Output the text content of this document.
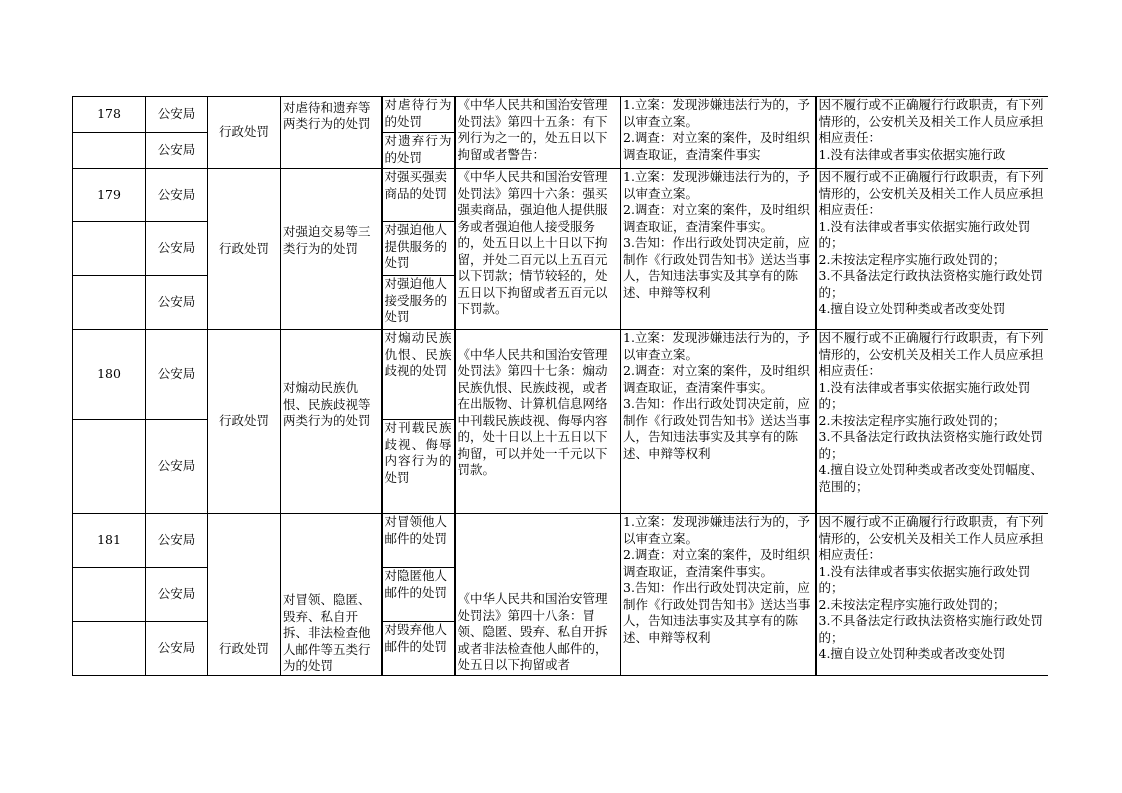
178	公安局	行政处罚	对虐待和遗弃等两类行为的处罚	对虐待行为的处罚	《中华人民共和国治安管理处罚法》第四十五条：有下列行为之一的，处五日以下拘留或者警告：	1.立案：发现涉嫌违法行为的，予以审查立案。
2.调查：对立案的案件，及时组织调查取证，查清案件事实	因不履行或不正确履行行政职责，有下列情形的，公安机关及相关工作人员应承担相应责任：
1.没有法律或者事实依据实施行政

	公安局			对遗弃行为的处罚			

179	公安局	行政处罚	对强迫交易等三类行为的处罚	对强买强卖商品的处罚	《中华人民共和国治安管理处罚法》第四十六条：强买强卖商品，强迫他人提供服务或者强迫他人接受服务的，处五日以上十日以下拘留，并处二百元以上五百元以下罚款；情节较轻的，处五日以下拘留或者五百元以下罚款。	1.立案：发现涉嫌违法行为的，予以审查立案。
2.调查：对立案的案件，及时组织调查取证，查清案件事实。
3.告知：作出行政处罚决定前，应制作《行政处罚告知书》送达当事人，告知违法事实及其享有的陈述、申辩等权利	因不履行或不正确履行行政职责，有下列情形的，公安机关及相关工作人员应承担相应责任：
1.没有法律或者事实依据实施行政处罚的；
2.未按法定程序实施行政处罚的；
3.不具备法定行政执法资格实施行政处罚的；
4.擅自设立处罚种类或者改变处罚

	公安局			对强迫他人提供服务的处罚			

	公安局			对强迫他人接受服务的处罚			

180	公安局	行政处罚	对煽动民族仇恨、民族歧视等两类行为的处罚	对煽动民族仇恨、民族歧视的处罚	《中华人民共和国治安管理处罚法》第四十七条：煽动民族仇恨、民族歧视，或者在出版物、计算机信息网络中刊载民族歧视、侮辱内容的，处十日以上十五日以下拘留，可以并处一千元以下罚款。	1.立案：发现涉嫌违法行为的，予以审查立案。
2.调查：对立案的案件，及时组织调查取证，查清案件事实。
3.告知：作出行政处罚决定前，应制作《行政处罚告知书》送达当事人，告知违法事实及其享有的陈述、申辩等权利	因不履行或不正确履行行政职责，有下列情形的，公安机关及相关工作人员应承担相应责任：
1.没有法律或者事实依据实施行政处罚的；
2.未按法定程序实施行政处罚的；
3.不具备法定行政执法资格实施行政处罚的；
4.擅自设立处罚种类或者改变处罚幅度、范围的；

	公安局			对刊载民族歧视、侮辱内容行为的处罚			

181	公安局	行政处罚	对冒领、隐匿、毁弃、私自开拆、非法检查他人邮件等五类行为的处罚	对冒领他人邮件的处罚	《中华人民共和国治安管理处罚法》第四十八条：冒领、隐匿、毁弃、私自开拆或者非法检查他人邮件的，处五日以下拘留或者	1.立案：发现涉嫌违法行为的，予以审查立案。
2.调查：对立案的案件，及时组织调查取证，查清案件事实。
3.告知：作出行政处罚决定前，应制作《行政处罚告知书》送达当事人，告知违法事实及其享有的陈述、申辩等权利	因不履行或不正确履行行政职责，有下列情形的，公安机关及相关工作人员应承担相应责任：
1.没有法律或者事实依据实施行政处罚的；
2.未按法定程序实施行政处罚的；
3.不具备法定行政执法资格实施行政处罚的；
4.擅自设立处罚种类或者改变处罚

	公安局			对隐匿他人邮件的处罚			

	公安局			对毁弃他人邮件的处罚			
